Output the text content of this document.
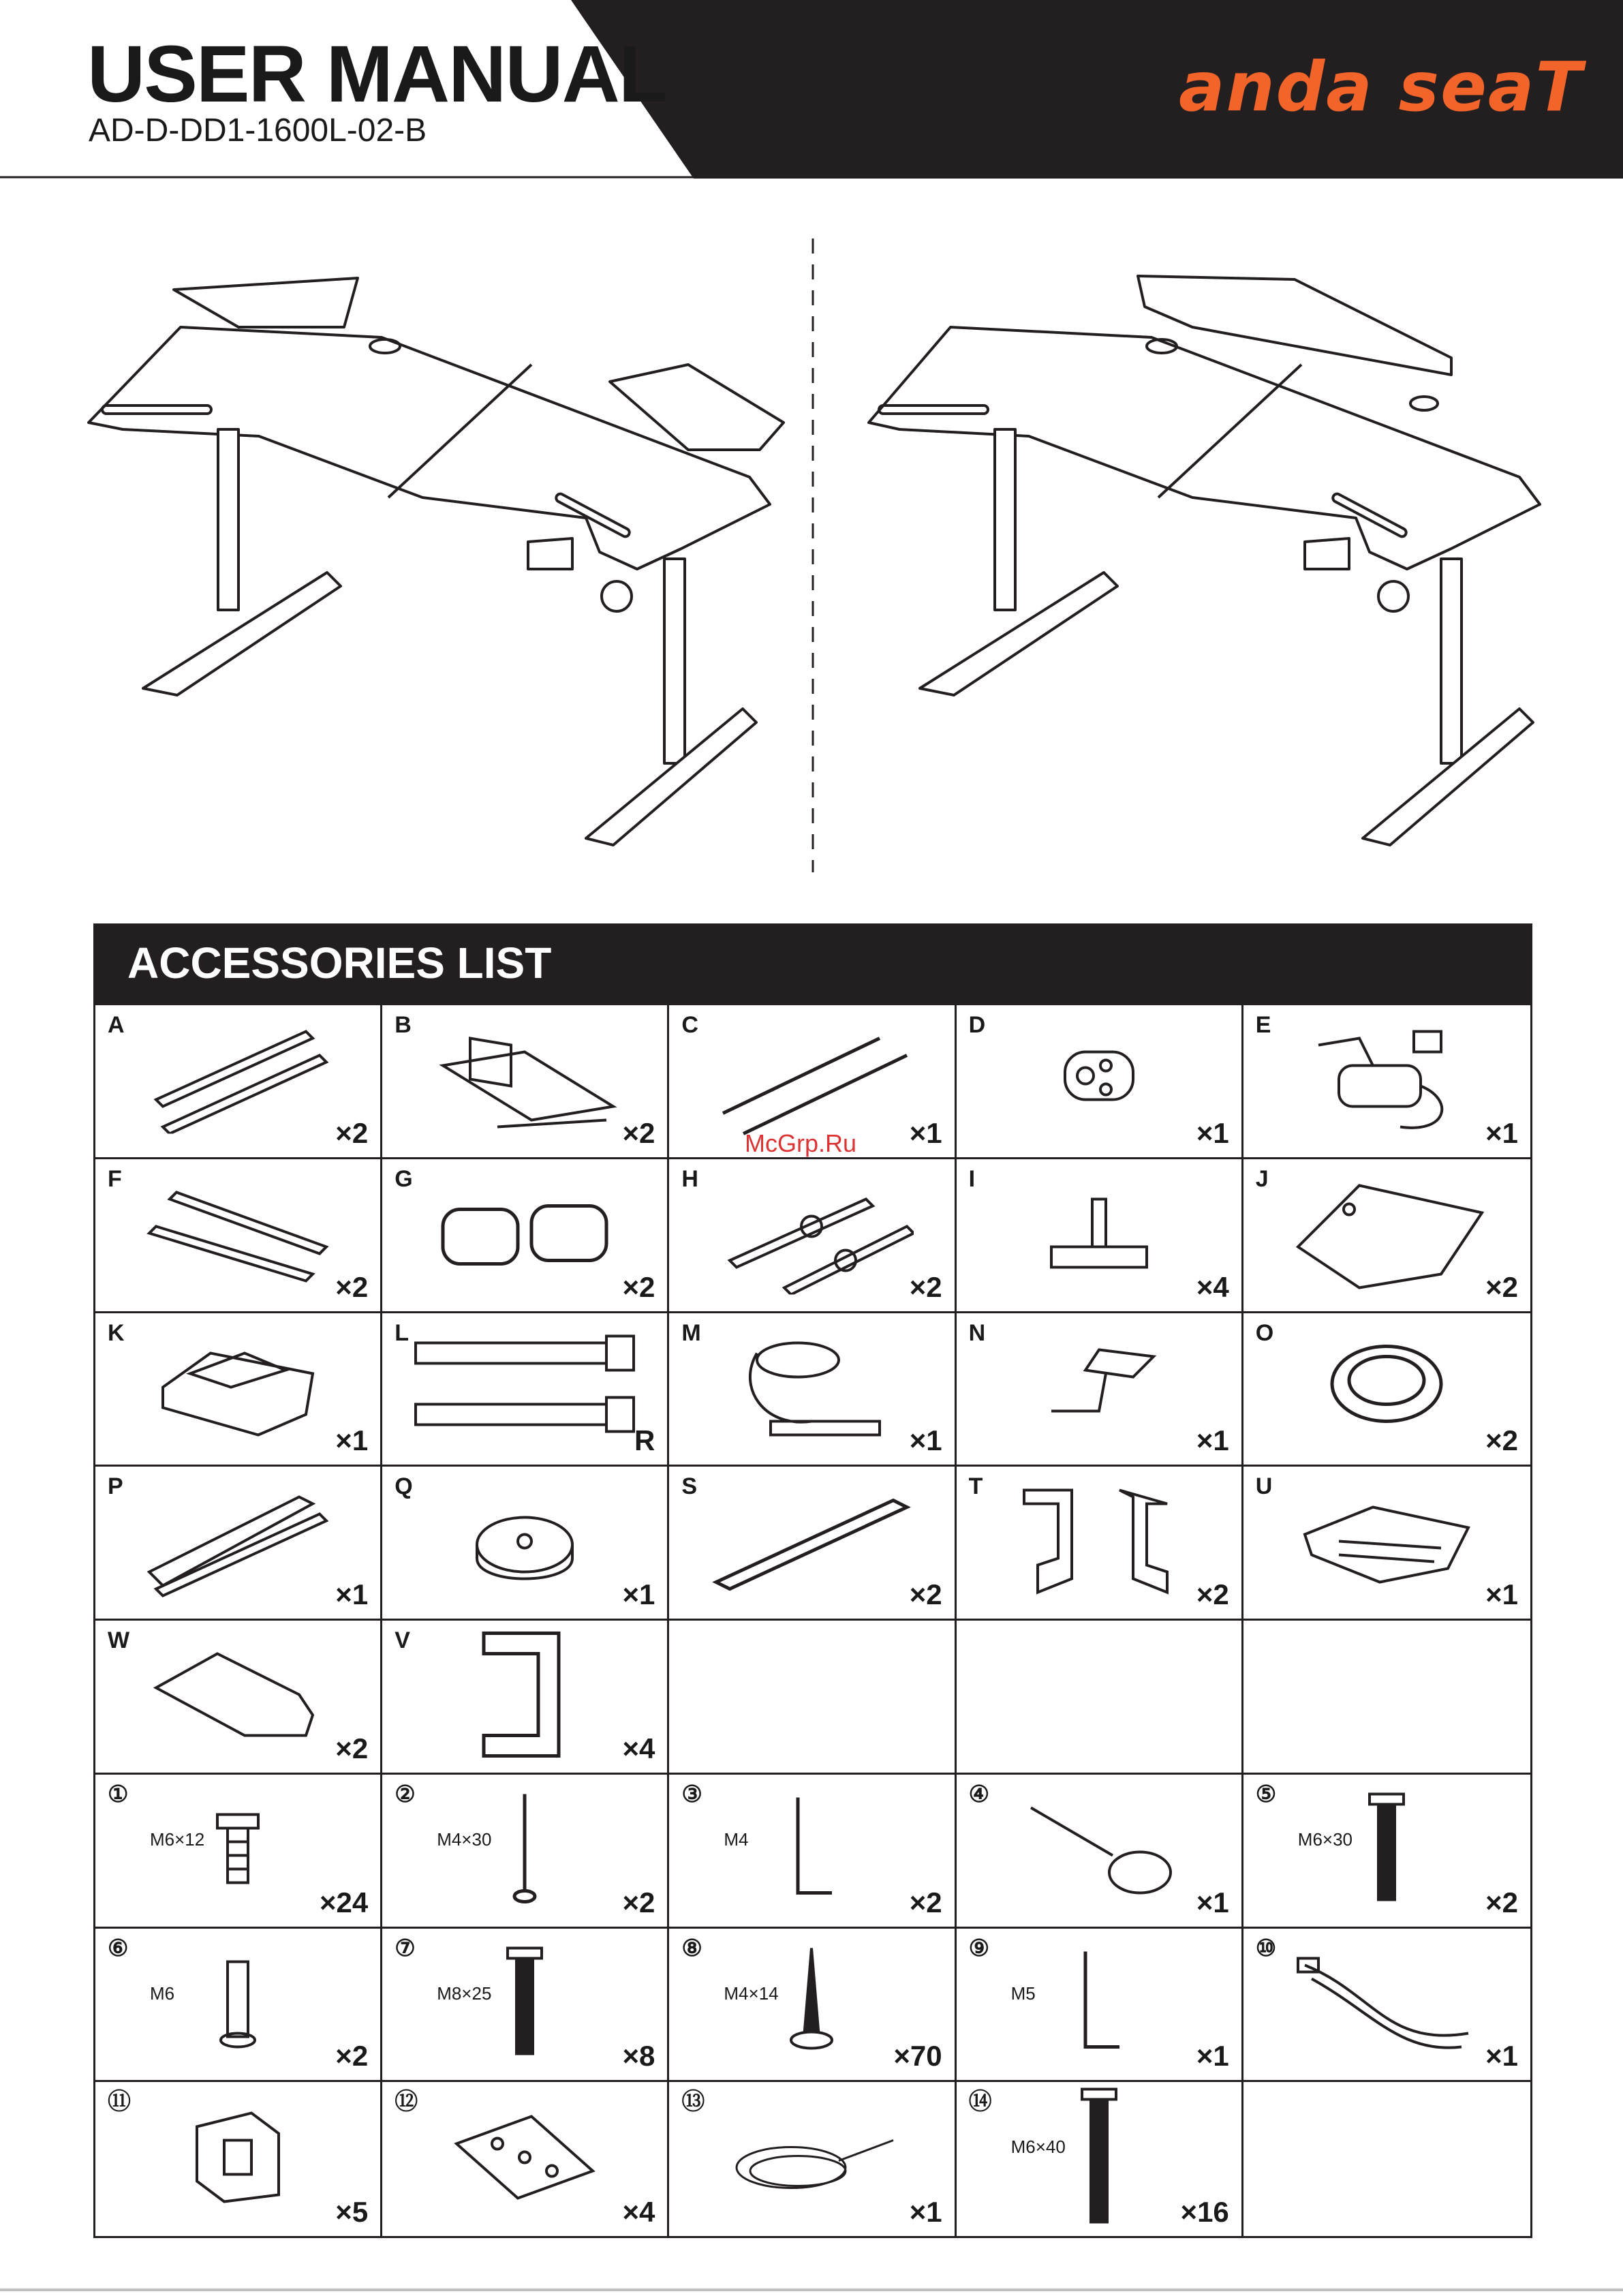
USER MANUAL
AD-D-DD1-1600L-02-B
anda seaT
ACCESSORIES LIST
A
×2
B
×2
C
×1
D
×1
E
×1
F
×2
G
×2
H
×2
I
×4
J
×2
K
×1
L
R
M
×1
N
×1
O
×2
P
×1
Q
×1
S
×2
T
×2
U
×1
W
×2
V
×4
①
M6×12
×24
②
M4×30
×2
③
M4
×2
④
×1
⑤
M6×30
×2
⑥
M6
×2
⑦
M8×25
×8
⑧
M4×14
×70
⑨
M5
×1
⑩
×1
⑪
×5
⑫
×4
⑬
×1
⑭
M6×40
×16
McGrp.Ru
